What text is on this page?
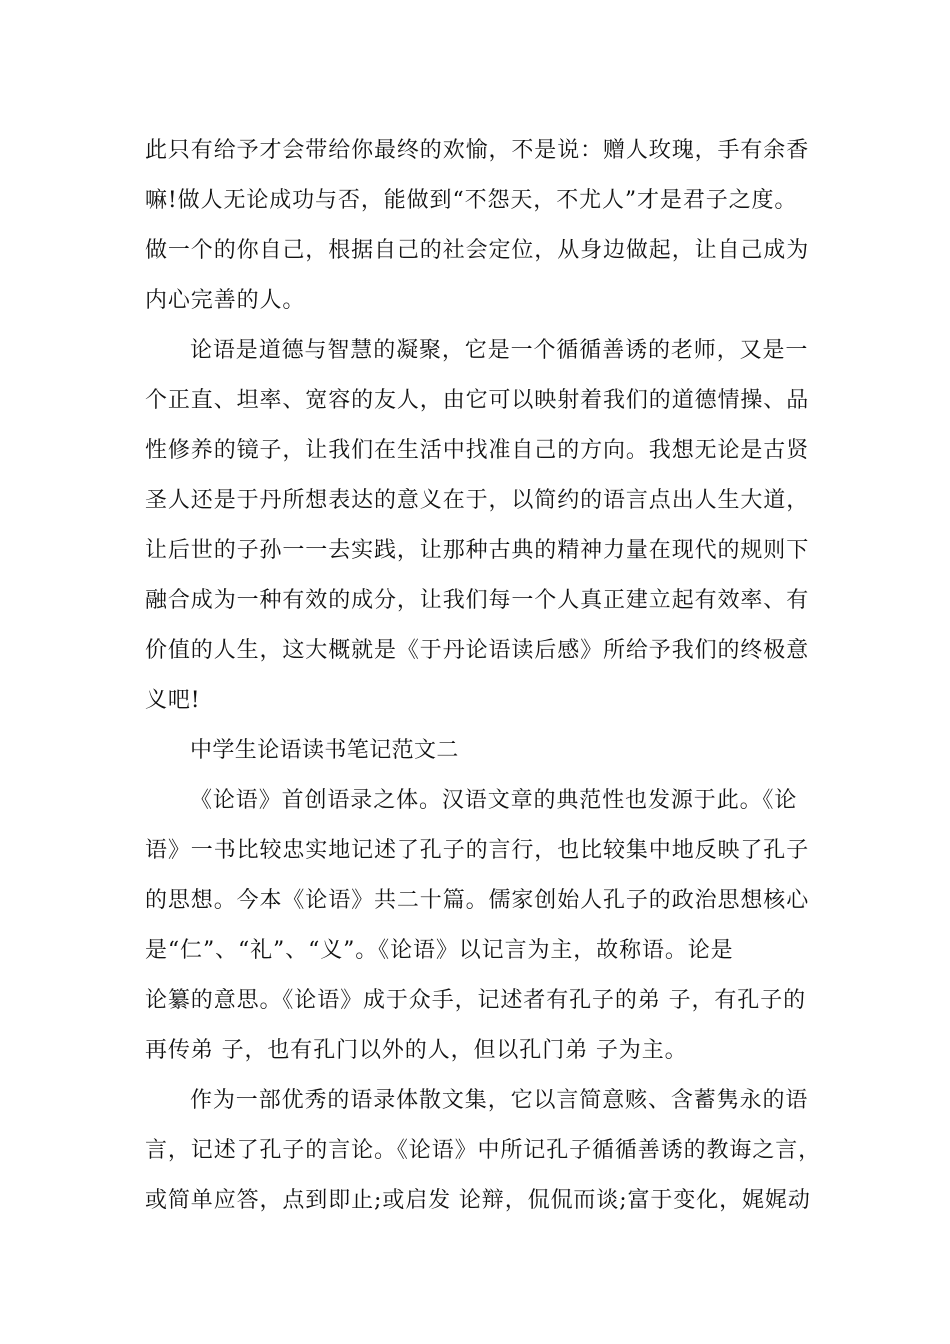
此只有给予才会带给你最终的欢愉，不是说：赠人玫瑰，手有余香
嘛!做人无论成功与否，能做到“不怨天，不尤人”才是君子之度。
做一个的你自己，根据自己的社会定位，从身边做起，让自己成为
内心完善的人。
论语是道德与智慧的凝聚，它是一个循循善诱的老师，又是一
个正直、坦率、宽容的友人，由它可以映射着我们的道德情操、品
性修养的镜子，让我们在生活中找准自己的方向。我想无论是古贤
圣人还是于丹所想表达的意义在于，以简约的语言点出人生大道，
让后世的子孙一一去实践，让那种古典的精神力量在现代的规则下
融合成为一种有效的成分，让我们每一个人真正建立起有效率、有
价值的人生，这大概就是《于丹论语读后感》所给予我们的终极意
义吧!
中学生论语读书笔记范文二
《论语》首创语录之体。汉语文章的典范性也发源于此。《论
语》一书比较忠实地记述了孔子的言行，也比较集中地反映了孔子
的思想。今本《论语》共二十篇。儒家创始人孔子的政治思想核心
是“仁”、“礼”、“义”。《论语》以记言为主，故称语。论是
论纂的意思。《论语》成于众手，记述者有孔子的弟 子，有孔子的
再传弟 子，也有孔门以外的人，但以孔门弟 子为主。
作为一部优秀的语录体散文集，它以言简意赅、含蓄隽永的语
言，记述了孔子的言论。《论语》中所记孔子循循善诱的教诲之言，
或简单应答，点到即止;或启发 论辩，侃侃而谈;富于变化，娓娓动
